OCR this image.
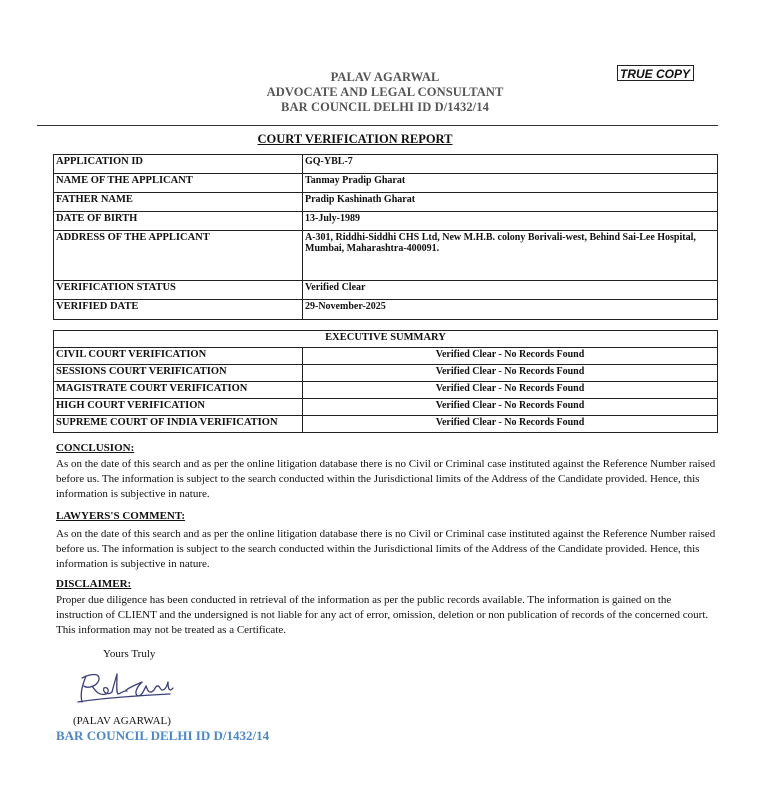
TRUE COPY
PALAV AGARWAL
ADVOCATE AND LEGAL CONSULTANT
BAR COUNCIL DELHI ID D/1432/14
COURT VERIFICATION REPORT
APPLICATION ID	GQ-YBL-7
NAME OF THE APPLICANT	Tanmay Pradip Gharat
FATHER NAME	Pradip Kashinath Gharat
DATE OF BIRTH	13-July-1989
ADDRESS OF THE APPLICANT	A-301, Riddhi-Siddhi CHS Ltd, New M.H.B. colony Borivali-west, Behind Sai-Lee Hospital, Mumbai, Maharashtra-400091.
VERIFICATION STATUS	Verified Clear
VERIFIED DATE	29-November-2025
EXECUTIVE SUMMARY	
CIVIL COURT VERIFICATION	Verified Clear - No Records Found
SESSIONS COURT VERIFICATION	Verified Clear - No Records Found
MAGISTRATE COURT VERIFICATION	Verified Clear - No Records Found
HIGH COURT VERIFICATION	Verified Clear - No Records Found
SUPREME COURT OF INDIA VERIFICATION	Verified Clear - No Records Found
CONCLUSION:
As on the date of this search and as per the online litigation database there is no Civil or Criminal case instituted against the Reference Number raised before us. The information is subject to the search conducted within the Jurisdictional limits of the Address of the Candidate provided. Hence, this information is subjective in nature.
LAWYERS'S COMMENT:
As on the date of this search and as per the online litigation database there is no Civil or Criminal case instituted against the Reference Number raised before us. The information is subject to the search conducted within the Jurisdictional limits of the Address of the Candidate provided. Hence, this information is subjective in nature.
DISCLAIMER:
Proper due diligence has been conducted in retrieval of the information as per the public records available. The information is gained on the instruction of CLIENT and the undersigned is not liable for any act of error, omission, deletion or non publication of records of the concerned court. This information may not be treated as a Certificate.
Yours Truly
(PALAV AGARWAL)
BAR COUNCIL DELHI ID D/1432/14
